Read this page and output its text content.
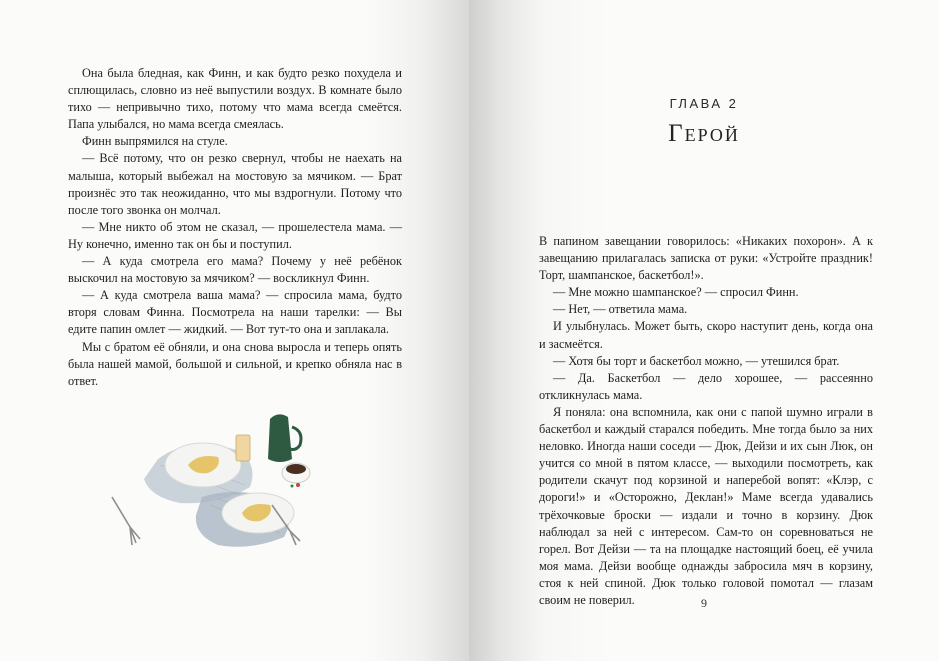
Она была бледная, как Финн, и как будто резко похудела и сплющилась, словно из неё выпустили воздух. В комнате было тихо — непривычно тихо, потому что мама всегда смеётся. Папа улыбался, но мама всегда смеялась.

Финн выпрямился на стуле.

— Всё потому, что он резко свернул, чтобы не наехать на малыша, который выбежал на мостовую за мячиком. — Брат произнёс это так неожиданно, что мы вздрогнули. Потому что после того звонка он молчал.

— Мне никто об этом не сказал, — прошелестела мама. — Ну конечно, именно так он бы и поступил.

— А куда смотрела его мама? Почему у неё ребёнок выскочил на мостовую за мячиком? — воскликнул Финн.

— А куда смотрела ваша мама? — спросила мама, будто вторя словам Финна. Посмотрела на наши тарелки: — Вы едите папин омлет — жидкий. — Вот тут-то она и заплакала.

Мы с братом её обняли, и она снова выросла и теперь опять была нашей мамой, большой и сильной, и крепко обняла нас в ответ.

ГЛАВА 2
Герой

В папином завещании говорилось: «Никаких похорон». А к завещанию прилагалась записка от руки: «Устройте праздник! Торт, шампанское, баскетбол!».

— Мне можно шампанское? — спросил Финн.

— Нет, — ответила мама.

И улыбнулась. Может быть, скоро наступит день, когда она и засмеётся.

— Хотя бы торт и баскетбол можно, — утешился брат.

— Да. Баскетбол — дело хорошее, — рассеянно откликнулась мама.

Я поняла: она вспомнила, как они с папой шумно играли в баскетбол и каждый старался победить. Мне тогда было за них неловко. Иногда наши соседи — Дюк, Дейзи и их сын Люк, он учится со мной в пятом классе, — выходили посмотреть, как родители скачут под корзиной и наперебой вопят: «Клэр, с дороги!» и «Осторожно, Деклан!» Маме всегда удавались трёхочковые броски — издали и точно в корзину. Дюк наблюдал за ней с интересом. Сам-то он соревноваться не горел. Вот Дейзи — та на площадке настоящий боец, её учила моя мама. Дейзи вообще однажды забросила мяч в корзину, стоя к ней спиной. Дюк только головой помотал — глазам своим не поверил.	9
